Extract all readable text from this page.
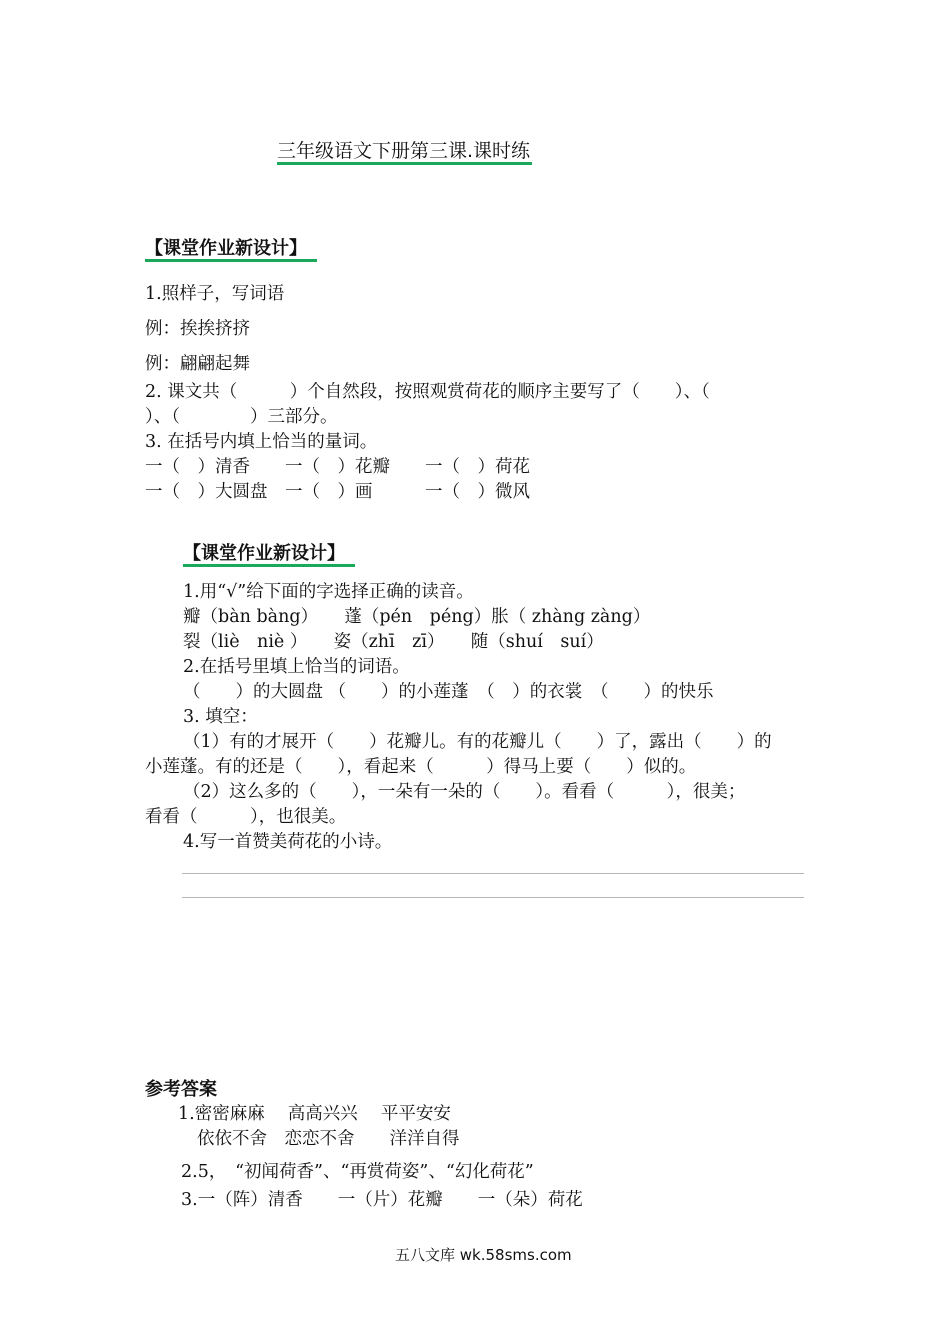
三年级语文下册第三课.课时练
【课堂作业新设计】
1.照样子，写词语
例：挨挨挤挤
例：翩翩起舞
2. 课文共（　　　）个自然段，按照观赏荷花的顺序主要写了（　　）、（
）、（　　　　）三部分。
3. 在括号内填上恰当的量词。
一（　）清香　　一（　）花瓣　　一（　）荷花
一（　）大圆盘　一（　）画　　　一（　）微风
【课堂作业新设计】
1.用“√”给下面的字选择正确的读音。
瓣（bàn bàng）　　蓬（pén　péng）胀（ zhàng zàng）
裂（liè　niè ）　　姿（zhī　zī）　　随（shuí　suí）
2.在括号里填上恰当的词语。
（　　）的大圆盘 （　　）的小莲蓬　（　）的衣裳　（　　）的快乐
3. 填空：
（1）有的才展开（　　）花瓣儿。有的花瓣儿（　　）了，露出（　　）的
小莲蓬。有的还是（　　），看起来（　　　）得马上要（　　）似的。
（2）这么多的（　　），一朵有一朵的（　　）。看看（　　　），很美；
看看（　　　），也很美。
4.写一首赞美荷花的小诗。
参考答案
1.密密麻麻　 高高兴兴　 平平安安
依依不舍　恋恋不舍　　洋洋自得
2.5，　“初闻荷香”、“再赏荷姿”、“幻化荷花”
3.一（阵）清香　　一（片）花瓣　　一（朵）荷花
五八文库 wk.58sms.com
